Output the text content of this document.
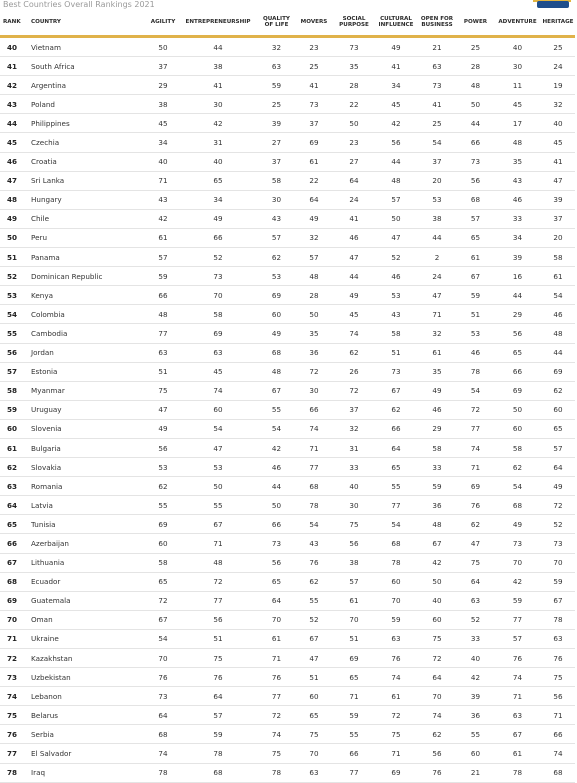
Best Countries Overall Rankings 2021
RANK	COUNTRY	AGILITY	ENTREPRENEURSHIP	QUALITY OF LIFE	MOVERS	SOCIAL PURPOSE	CULTURAL INFLUENCE	OPEN FOR BUSINESS	POWER	ADVENTURE	HERITAGE
40	Vietnam	50	44	32	23	73	49	21	25	40	25
41	South Africa	37	38	63	25	35	41	63	28	30	24
42	Argentina	29	41	59	41	28	34	73	48	11	19
43	Poland	38	30	25	73	22	45	41	50	45	32
44	Philippines	45	42	39	37	50	42	25	44	17	40
45	Czechia	34	31	27	69	23	56	54	66	48	45
46	Croatia	40	40	37	61	27	44	37	73	35	41
47	Sri Lanka	71	65	58	22	64	48	20	56	43	47
48	Hungary	43	34	30	64	24	57	53	68	46	39
49	Chile	42	49	43	49	41	50	38	57	33	37
50	Peru	61	66	57	32	46	47	44	65	34	20
51	Panama	57	52	62	57	47	52	2	61	39	58
52	Dominican Republic	59	73	53	48	44	46	24	67	16	61
53	Kenya	66	70	69	28	49	53	47	59	44	54
54	Colombia	48	58	60	50	45	43	71	51	29	46
55	Cambodia	77	69	49	35	74	58	32	53	56	48
56	Jordan	63	63	68	36	62	51	61	46	65	44
57	Estonia	51	45	48	72	26	73	35	78	66	69
58	Myanmar	75	74	67	30	72	67	49	54	69	62
59	Uruguay	47	60	55	66	37	62	46	72	50	60
60	Slovenia	49	54	54	74	32	66	29	77	60	65
61	Bulgaria	56	47	42	71	31	64	58	74	58	57
62	Slovakia	53	53	46	77	33	65	33	71	62	64
63	Romania	62	50	44	68	40	55	59	69	54	49
64	Latvia	55	55	50	78	30	77	36	76	68	72
65	Tunisia	69	67	66	54	75	54	48	62	49	52
66	Azerbaijan	60	71	73	43	56	68	67	47	73	73
67	Lithuania	58	48	56	76	38	78	42	75	70	70
68	Ecuador	65	72	65	62	57	60	50	64	42	59
69	Guatemala	72	77	64	55	61	70	40	63	59	67
70	Oman	67	56	70	52	70	59	60	52	77	78
71	Ukraine	54	51	61	67	51	63	75	33	57	63
72	Kazakhstan	70	75	71	47	69	76	72	40	76	76
73	Uzbekistan	76	76	76	51	65	74	64	42	74	75
74	Lebanon	73	64	77	60	71	61	70	39	71	56
75	Belarus	64	57	72	65	59	72	74	36	63	71
76	Serbia	68	59	74	75	55	75	62	55	67	66
77	El Salvador	74	78	75	70	66	71	56	60	61	74
78	Iraq	78	68	78	63	77	69	76	21	78	68
